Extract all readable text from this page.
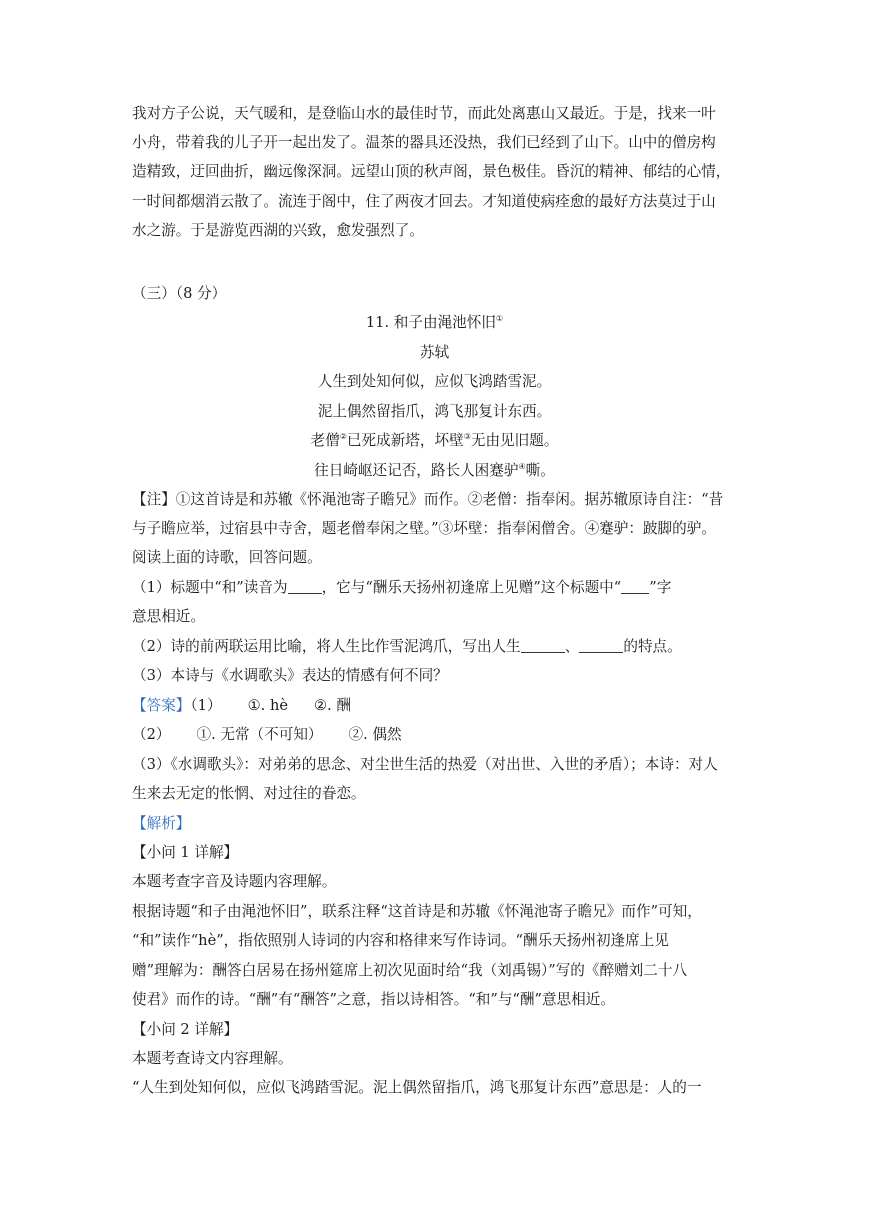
我对方子公说，天气暖和，是登临山水的最佳时节，而此处离惠山又最近。于是，找来一叶
小舟，带着我的儿子开一起出发了。温茶的器具还没热，我们已经到了山下。山中的僧房构
造精致，迂回曲折，幽远像深洞。远望山顶的秋声阁，景色极佳。昏沉的精神、郁结的心情，
一时间都烟消云散了。流连于阁中，住了两夜才回去。才知道使病痊愈的最好方法莫过于山
水之游。于是游览西湖的兴致，愈发强烈了。
（三）（8 分）
11. 和子由渑池怀旧①
苏轼
人生到处知何似，应似飞鸿踏雪泥。
泥上偶然留指爪，鸿飞那复计东西。
老僧②已死成新塔，坏壁③无由见旧题。
往日崎岖还记否，路长人困蹇驴④嘶。
【注】①这首诗是和苏辙《怀渑池寄子瞻兄》而作。②老僧：指奉闲。据苏辙原诗自注：“昔
与子瞻应举，过宿县中寺舍，题老僧奉闲之壁。”③坏壁：指奉闲僧舍。④蹇驴：跛脚的驴。
阅读上面的诗歌，回答问题。
（1）标题中“和”读音为 ，它与“酬乐天扬州初逢席上见赠”这个标题中“ ”字
意思相近。
（2）诗的前两联运用比喻，将人生比作雪泥鸿爪，写出人生	、	的特点。
（3）本诗与《水调歌头》表达的情感有何不同？
【答案】（1） ①. hè ②. 酬
（2） ①. 无常（不可知） ②. 偶然
（3）《水调歌头》：对弟弟的思念、对尘世生活的热爱（对出世、入世的矛盾）；本诗：对人
生来去无定的怅惘、对过往的眷恋。
【解析】
【小问 1 详解】
本题考查字音及诗题内容理解。
根据诗题“和子由渑池怀旧”，联系注释“这首诗是和苏辙《怀渑池寄子瞻兄》而作”可知，
“和”读作“hè”，指依照别人诗词的内容和格律来写作诗词。“酬乐天扬州初逢席上见
赠”理解为：酬答白居易在扬州筵席上初次见面时给“我（刘禹锡）”写的《醉赠刘二十八
使君》而作的诗。“酬”有“酬答”之意，指以诗相答。“和”与“酬”意思相近。
【小问 2 详解】
本题考查诗文内容理解。
“人生到处知何似，应似飞鸿踏雪泥。泥上偶然留指爪，鸿飞那复计东西”意思是：人的一
